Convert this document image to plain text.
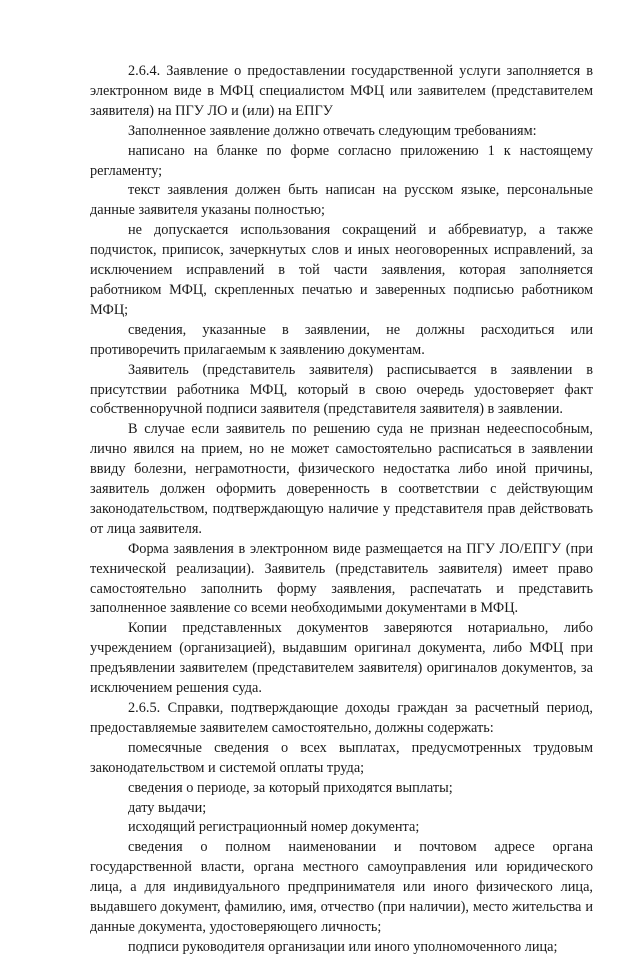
2.6.4. Заявление о предоставлении государственной услуги заполняется в электронном виде в МФЦ специалистом МФЦ или заявителем (представителем заявителя) на ПГУ ЛО и (или) на ЕПГУ

Заполненное заявление должно отвечать следующим требованиям:

написано на бланке по форме согласно приложению 1 к настоящему регламенту;

текст заявления должен быть написан на русском языке, персональные данные заявителя указаны полностью;

не допускается использования сокращений и аббревиатур, а также подчисток, приписок, зачеркнутых слов и иных неоговоренных исправлений, за исключением исправлений в той части заявления, которая заполняется работником МФЦ, скрепленных печатью и заверенных подписью работником МФЦ;

сведения, указанные в заявлении, не должны расходиться или противоречить прилагаемым к заявлению документам.

Заявитель (представитель заявителя) расписывается в заявлении в присутствии работника МФЦ, который в свою очередь удостоверяет факт собственноручной подписи заявителя (представителя заявителя) в заявлении.

В случае если заявитель по решению суда не признан недееспособным, лично явился на прием, но не может самостоятельно расписаться в заявлении ввиду болезни, неграмотности, физического недостатка либо иной причины, заявитель должен оформить доверенность в соответствии с действующим законодательством, подтверждающую наличие у представителя прав действовать от лица заявителя.

Форма заявления в электронном виде размещается на ПГУ ЛО/ЕПГУ (при технической реализации). Заявитель (представитель заявителя) имеет право самостоятельно заполнить форму заявления, распечатать и представить заполненное заявление со всеми необходимыми документами в МФЦ.

Копии представленных документов заверяются нотариально, либо учреждением (организацией), выдавшим оригинал документа, либо МФЦ при предъявлении заявителем (представителем заявителя) оригиналов документов, за исключением решения суда.

2.6.5. Справки, подтверждающие доходы граждан за расчетный период, предоставляемые заявителем самостоятельно, должны содержать:

помесячные сведения о всех выплатах, предусмотренных трудовым законодательством и системой оплаты труда;

сведения о периоде, за который приходятся выплаты;

дату выдачи;

исходящий регистрационный номер документа;

сведения о полном наименовании и почтовом адресе органа государственной власти, органа местного самоуправления или юридического лица, а для индивидуального предпринимателя или иного физического лица, выдавшего документ, фамилию, имя, отчество (при наличии), место жительства и данные документа, удостоверяющего личность;

подписи руководителя организации или иного уполномоченного лица;
